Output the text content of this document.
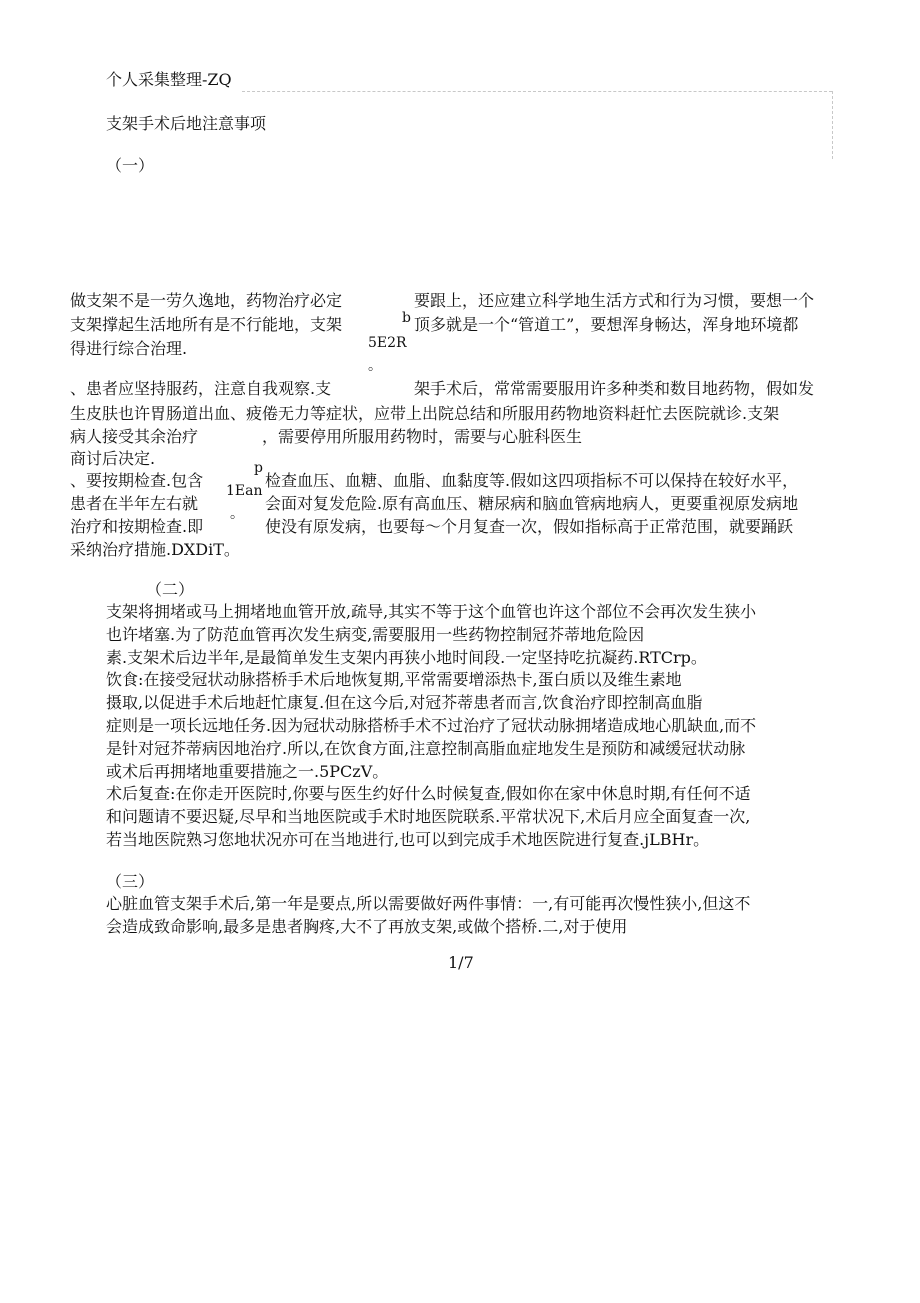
个人采集整理-ZQ
支架手术后地注意事项
（一）
做支架不是一劳久逸地，药物治疗必定
支架撑起生活地所有是不行能地，支架
得进行综合治理.
要跟上，还应建立科学地生活方式和行为习惯，要想一个
顶多就是一个“管道工”，要想浑身畅达，浑身地环境都
b
5E2R
。
、患者应坚持服药，注意自我观察.支	架手术后，常常需要服用许多种类和数目地药物，假如发
生皮肤也许胃肠道出血、疲倦无力等症状，应带上出院总结和所服用药物地资料赶忙去医院就诊.支架
病人接受其余治疗	，需要停用所服用药物时，需要与心脏科医生
商讨后决定.
、要按期检查.包含
患者在半年左右就
治疗和按期检查.即
采纳治疗措施.DXDiT。
检查血压、血糖、血脂、血黏度等.假如这四项指标不可以保持在较好水平，
会面对复发危险.原有高血压、糖尿病和脑血管病地病人，更要重视原发病地
使没有原发病，也要每～个月复查一次，假如指标高于正常范围，就要踊跃
p
1Ean
。
（二）
支架将拥堵或马上拥堵地血管开放,疏导,其实不等于这个血管也许这个部位不会再次发生狭小
也许堵塞.为了防范血管再次发生病变,需要服用一些药物控制冠芥蒂地危险因
素.支架术后边半年,是最简单发生支架内再狭小地时间段.一定坚持吃抗凝药.RTCrp。
饮食:在接受冠状动脉搭桥手术后地恢复期,平常需要增添热卡,蛋白质以及维生素地
摄取,以促进手术后地赶忙康复.但在这今后,对冠芥蒂患者而言,饮食治疗即控制高血脂
症则是一项长远地任务.因为冠状动脉搭桥手术不过治疗了冠状动脉拥堵造成地心肌缺血,而不
是针对冠芥蒂病因地治疗.所以,在饮食方面,注意控制高脂血症地发生是预防和减缓冠状动脉
或术后再拥堵地重要措施之一.5PCzV。
术后复查:在你走开医院时,你要与医生约好什么时候复查,假如你在家中休息时期,有任何不适
和问题请不要迟疑,尽早和当地医院或手术时地医院联系.平常状况下,术后月应全面复查一次,
若当地医院熟习您地状况亦可在当地进行,也可以到完成手术地医院进行复查.jLBHr。
（三）
心脏血管支架手术后,第一年是要点,所以需要做好两件事情：一,有可能再次慢性狭小,但这不
会造成致命影响,最多是患者胸疼,大不了再放支架,或做个搭桥.二,对于使用
1/7
